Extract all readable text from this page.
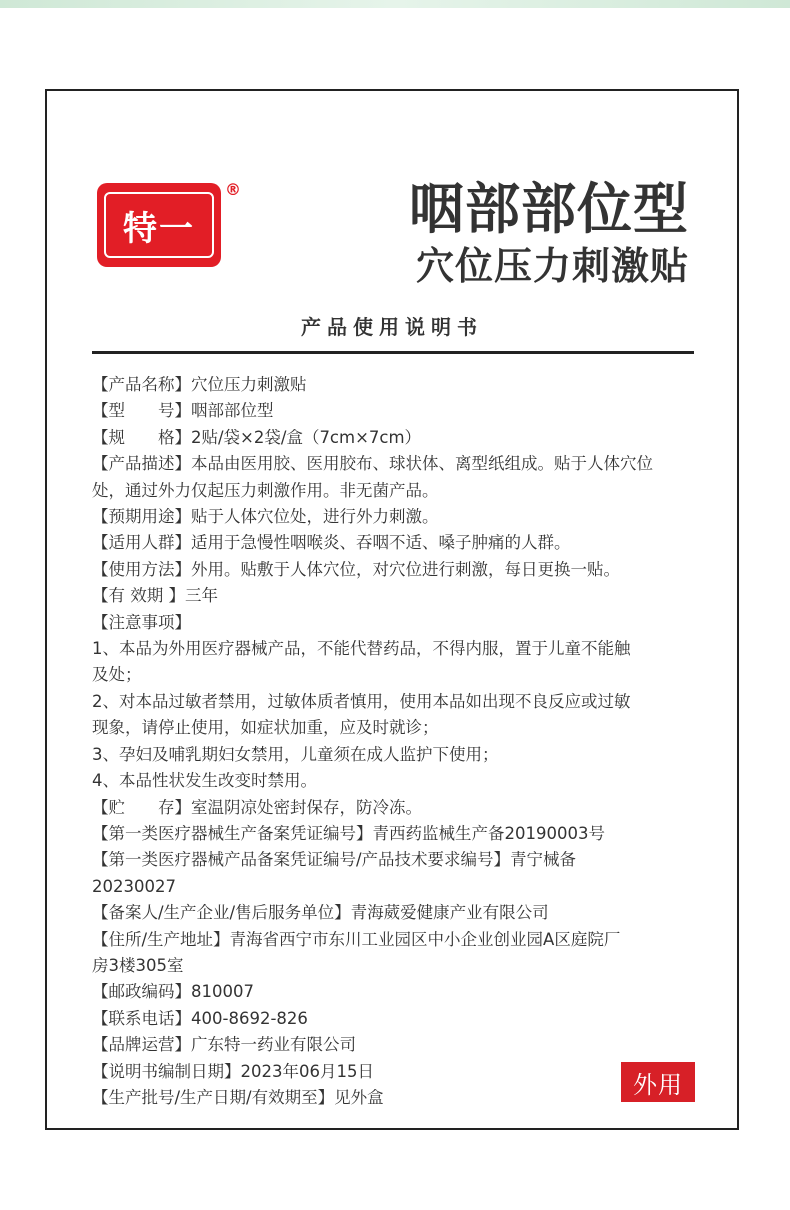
特一
®	咽部部位型
穴位压力刺激贴
产品使用说明书

【产品名称】穴位压力刺激贴

【型　　号】咽部部位型

【规　　格】2贴/袋×2袋/盒（7cm×7cm）

【产品描述】本品由医用胶、医用胶布、球状体、离型纸组成。贴于人体穴位

处，通过外力仅起压力刺激作用。非无菌产品。

【预期用途】贴于人体穴位处，进行外力刺激。

【适用人群】适用于急慢性咽喉炎、吞咽不适、嗓子肿痛的人群。

【使用方法】外用。贴敷于人体穴位，对穴位进行刺激，每日更换一贴。

【有 效期 】三年

【注意事项】

1、本品为外用医疗器械产品，不能代替药品，不得内服，置于儿童不能触

及处；

2、对本品过敏者禁用，过敏体质者慎用，使用本品如出现不良反应或过敏

现象，请停止使用，如症状加重，应及时就诊；

3、孕妇及哺乳期妇女禁用，儿童须在成人监护下使用；

4、本品性状发生改变时禁用。

【贮　　存】室温阴凉处密封保存，防冷冻。

【第一类医疗器械生产备案凭证编号】青西药监械生产备20190003号

【第一类医疗器械产品备案凭证编号/产品技术要求编号】青宁械备

20230027

【备案人/生产企业/售后服务单位】青海葳爱健康产业有限公司

【住所/生产地址】青海省西宁市东川工业园区中小企业创业园A区庭院厂

房3楼305室

【邮政编码】810007

【联系电话】400-8692-826

【品牌运营】广东特一药业有限公司

【说明书编制日期】2023年06月15日

【生产批号/生产日期/有效期至】见外盒	外用
